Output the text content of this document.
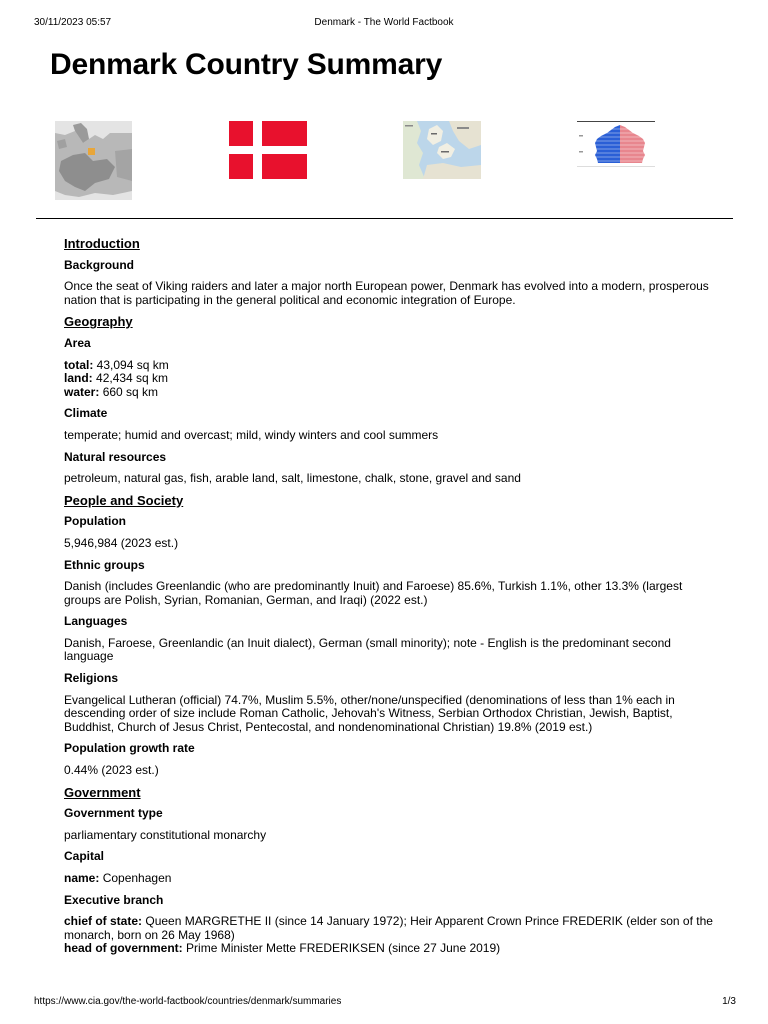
30/11/2023 05:57	Denmark - The World Factbook
Denmark Country Summary
Introduction
Background
Once the seat of Viking raiders and later a major north European power, Denmark has evolved into a modern, prosperous nation that is participating in the general political and economic integration of Europe.
Geography
Area
total: 43,094 sq km
land: 42,434 sq km
water: 660 sq km
Climate
temperate; humid and overcast; mild, windy winters and cool summers
Natural resources
petroleum, natural gas, fish, arable land, salt, limestone, chalk, stone, gravel and sand
People and Society
Population
5,946,984 (2023 est.)
Ethnic groups
Danish (includes Greenlandic (who are predominantly Inuit) and Faroese) 85.6%, Turkish 1.1%, other 13.3% (largest groups are Polish, Syrian, Romanian, German, and Iraqi) (2022 est.)
Languages
Danish, Faroese, Greenlandic (an Inuit dialect), German (small minority); note - English is the predominant second language
Religions
Evangelical Lutheran (official) 74.7%, Muslim 5.5%, other/none/unspecified (denominations of less than 1% each in descending order of size include Roman Catholic, Jehovah's Witness, Serbian Orthodox Christian, Jewish, Baptist, Buddhist, Church of Jesus Christ, Pentecostal, and nondenominational Christian) 19.8% (2019 est.)
Population growth rate
0.44% (2023 est.)
Government
Government type
parliamentary constitutional monarchy
Capital
name: Copenhagen
Executive branch
chief of state: Queen MARGRETHE II (since 14 January 1972); Heir Apparent Crown Prince FREDERIK (elder son of the monarch, born on 26 May 1968)
head of government: Prime Minister Mette FREDERIKSEN (since 27 June 2019)
https://www.cia.gov/the-world-factbook/countries/denmark/summaries	1/3
